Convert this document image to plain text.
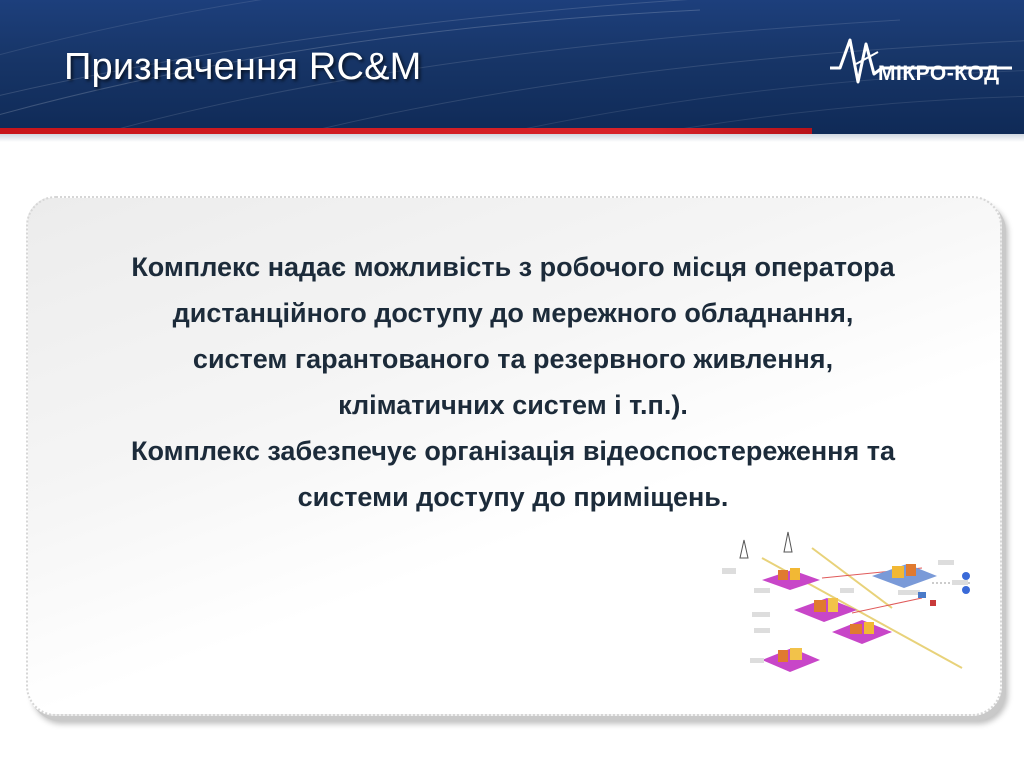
Призначення RC&M	МІКРО-КОД
Комплекс надає можливість з робочого місця оператора
дистанційного доступу до мережного обладнання,
систем гарантованого та резервного живлення,
кліматичних систем і т.п.).
Комплекс забезпечує організація відеоспостереження та
системи доступу до приміщень.
